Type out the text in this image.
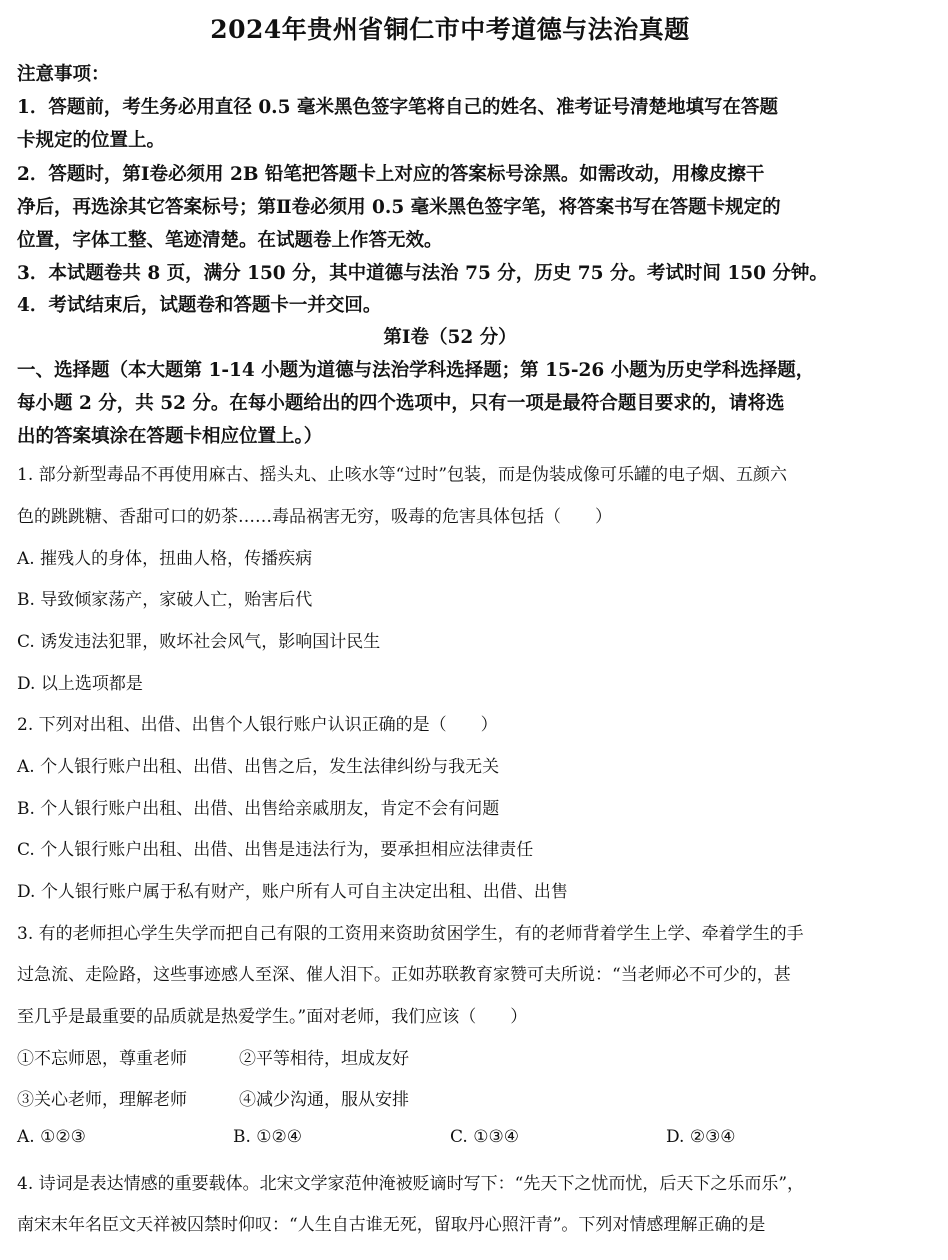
2024年贵州省铜仁市中考道德与法治真题
注意事项：
1．答题前，考生务必用直径 0.5 毫米黑色签字笔将自己的姓名、准考证号清楚地填写在答题
卡规定的位置上。
2．答题时，第Ⅰ卷必须用 2B 铅笔把答题卡上对应的答案标号涂黑。如需改动，用橡皮擦干
净后，再选涂其它答案标号；第Ⅱ卷必须用 0.5 毫米黑色签字笔，将答案书写在答题卡规定的
位置，字体工整、笔迹清楚。在试题卷上作答无效。
3．本试题卷共 8 页，满分 150 分，其中道德与法治 75 分，历史 75 分。考试时间 150 分钟。
4．考试结束后，试题卷和答题卡一并交回。
第Ⅰ卷（52 分）
一、选择题（本大题第 1-14 小题为道德与法治学科选择题；第 15-26 小题为历史学科选择题，
每小题 2 分，共 52 分。在每小题给出的四个选项中，只有一项是最符合题目要求的，请将选
出的答案填涂在答题卡相应位置上。）
1. 部分新型毒品不再使用麻古、摇头丸、止咳水等“过时”包装，而是伪装成像可乐罐的电子烟、五颜六
色的跳跳糖、香甜可口的奶茶……毒品祸害无穷，吸毒的危害具体包括（　　）
A. 摧残人的身体，扭曲人格，传播疾病
B. 导致倾家荡产，家破人亡，贻害后代
C. 诱发违法犯罪，败坏社会风气，影响国计民生
D. 以上选项都是
2. 下列对出租、出借、出售个人银行账户认识正确的是（　　）
A. 个人银行账户出租、出借、出售之后，发生法律纠纷与我无关
B. 个人银行账户出租、出借、出售给亲戚朋友，肯定不会有问题
C. 个人银行账户出租、出借、出售是违法行为，要承担相应法律责任
D. 个人银行账户属于私有财产，账户所有人可自主决定出租、出借、出售
3. 有的老师担心学生失学而把自己有限的工资用来资助贫困学生，有的老师背着学生上学、牵着学生的手
过急流、走险路，这些事迹感人至深、催人泪下。正如苏联教育家赞可夫所说：“当老师必不可少的，甚
至几乎是最重要的品质就是热爱学生。”面对老师，我们应该（　　）
①不忘师恩，尊重老师	②平等相待，坦成友好
③关心老师，理解老师	④减少沟通，服从安排
A. ①②③	B. ①②④	C. ①③④	D. ②③④
4. 诗词是表达情感的重要载体。北宋文学家范仲淹被贬谪时写下：“先天下之忧而忧，后天下之乐而乐”，
南宋末年名臣文天祥被囚禁时仰叹：“人生自古谁无死，留取丹心照汗青”。下列对情感理解正确的是
